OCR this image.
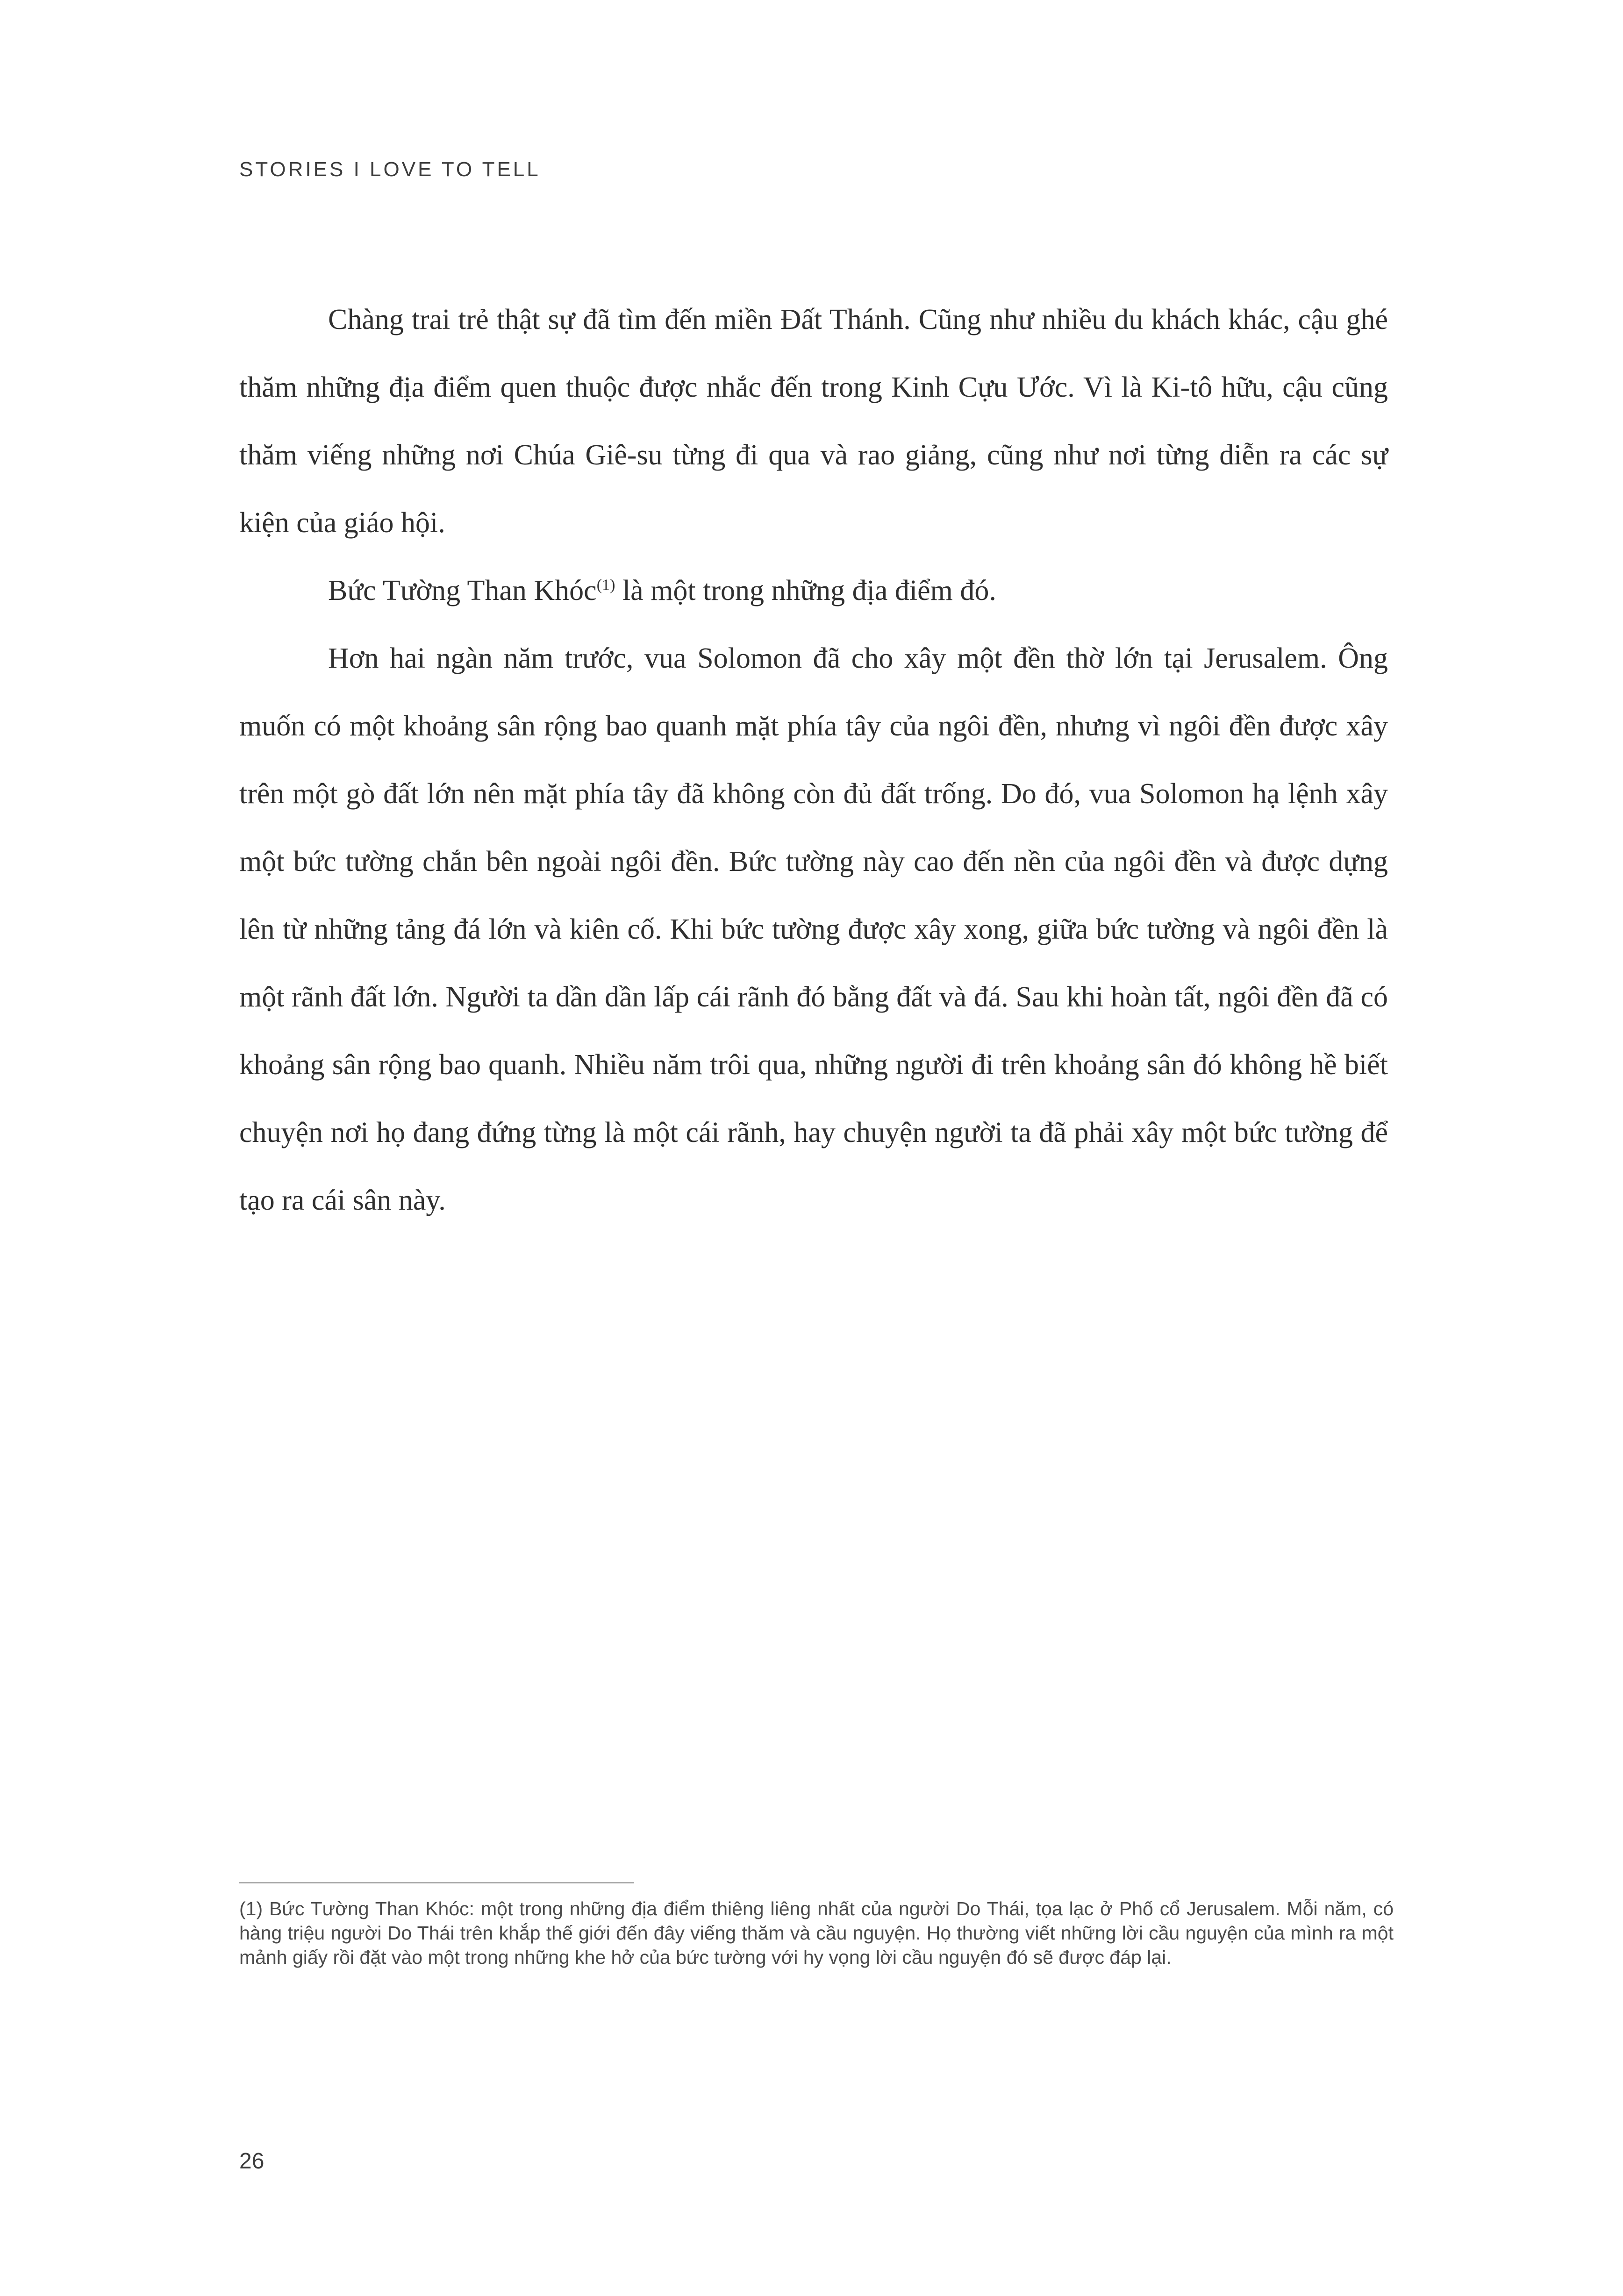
STORIES I LOVE TO TELL

Chàng trai trẻ thật sự đã tìm đến miền Đất Thánh. Cũng như nhiều du khách khác, cậu ghé thăm những địa điểm quen thuộc được nhắc đến trong Kinh Cựu Ước. Vì là Ki-tô hữu, cậu cũng thăm viếng những nơi Chúa Giê-su từng đi qua và rao giảng, cũng như nơi từng diễn ra các sự kiện của giáo hội.

Bức Tường Than Khóc$^{(1)}$ là một trong những địa điểm đó.

Hơn hai ngàn năm trước, vua Solomon đã cho xây một đền thờ lớn tại Jerusalem. Ông muốn có một khoảng sân rộng bao quanh mặt phía tây của ngôi đền, nhưng vì ngôi đền được xây trên một gò đất lớn nên mặt phía tây đã không còn đủ đất trống. Do đó, vua Solomon hạ lệnh xây một bức tường chắn bên ngoài ngôi đền. Bức tường này cao đến nền của ngôi đền và được dựng lên từ những tảng đá lớn và kiên cố. Khi bức tường được xây xong, giữa bức tường và ngôi đền là một rãnh đất lớn. Người ta dần dần lấp cái rãnh đó bằng đất và đá. Sau khi hoàn tất, ngôi đền đã có khoảng sân rộng bao quanh. Nhiều năm trôi qua, những người đi trên khoảng sân đó không hề biết chuyện nơi họ đang đứng từng là một cái rãnh, hay chuyện người ta đã phải xây một bức tường để tạo ra cái sân này.

(1) Bức Tường Than Khóc: một trong những địa điểm thiêng liêng nhất của người Do Thái, tọa lạc ở Phố cổ Jerusalem. Mỗi năm, có hàng triệu người Do Thái trên khắp thế giới đến đây viếng thăm và cầu nguyện. Họ thường viết những lời cầu nguyện của mình ra một mảnh giấy rồi đặt vào một trong những khe hở của bức tường với hy vọng lời cầu nguyện đó sẽ được đáp lại.
26
